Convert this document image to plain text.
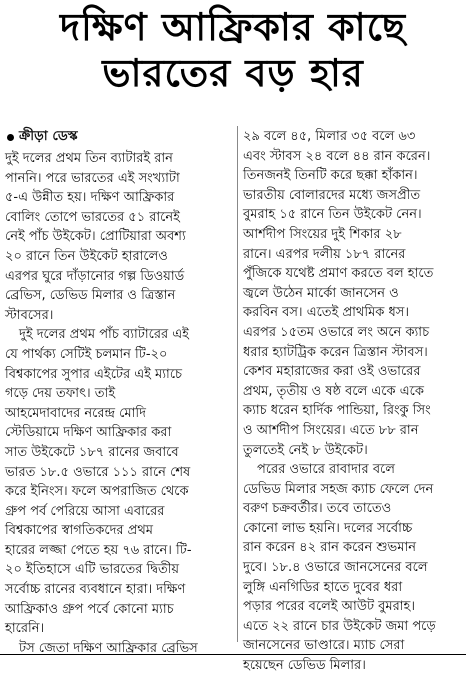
দক্ষিণ আফ্রিকার কাছে
ভারতের বড় হার
ক্রীড়া ডেস্ক
দুই দলের প্রথম তিন ব্যাটারই রান
পাননি। পরে ভারতের এই সংখ্যাটা
৫-এ উন্নীত হয়। দক্ষিণ আফ্রিকার
বোলিং তোপে ভারতের ৫১ রানেই
নেই পাঁচ উইকেট। প্রোটিয়ারা অবশ্য
২০ রানে তিন উইকেট হারালেও
এরপর ঘুরে দাঁড়ানোর গল্প ডিওয়ার্ড
ব্রেভিস, ডেভিড মিলার ও ত্রিস্তান
স্টাবসের।
দুই দলের প্রথম পাঁচ ব্যাটারের এই
যে পার্থক্য সেটিই চলমান টি-২০
বিশ্বকাপের সুপার এইটের এই ম্যাচে
গড়ে দেয় তফাৎ। তাই
আহমেদাবাদের নরেন্দ্র মোদি
স্টেডিয়ামে দক্ষিণ আফ্রিকার করা
সাত উইকেটে ১৮৭ রানের জবাবে
ভারত ১৮.৫ ওভারে ১১১ রানে শেষ
করে ইনিংস। ফলে অপরাজিত থেকে
গ্রুপ পর্ব পেরিয়ে আসা এবারের
বিশ্বকাপের স্বাগতিকদের প্রথম
হারের লজ্জা পেতে হয় ৭৬ রানে। টি-
২০ ইতিহাসে এটি ভারতের দ্বিতীয়
সর্বোচ্চ রানের ব্যবধানে হারা। দক্ষিণ
আফ্রিকাও গ্রুপ পর্বে কোনো ম্যাচ
হারেনি।
টস জেতা দক্ষিণ আফ্রিকার ব্রেভিস
২৯ বলে ৪৫, মিলার ৩৫ বলে ৬৩
এবং স্টাবস ২৪ বলে ৪৪ রান করেন।
তিনজনই তিনটি করে ছক্কা হাঁকান।
ভারতীয় বোলারদের মধ্যে জসপ্রীত
বুমরাহ ১৫ রানে তিন উইকেট নেন।
আর্শদীপ সিংয়ের দুই শিকার ২৮
রানে। এরপর দলীয় ১৮৭ রানের
পুঁজিকে যথেষ্ট প্রমাণ করতে বল হাতে
জ্বলে উঠেন মার্কো জানসেন ও
করবিন বস। এতেই প্রাথমিক ধস।
এরপর ১৫তম ওভারে লং অনে ক্যাচ
ধরার হ্যাটট্রিক করেন ত্রিস্তান স্টাবস।
কেশব মহারাজের করা ওই ওভারের
প্রথম, তৃতীয় ও ষষ্ঠ বলে একে একে
ক্যাচ ধরেন হার্দিক পান্ডিয়া, রিংকু সিং
ও আর্শদীপ সিংয়ের। এতে ৮৮ রান
তুলতেই নেই ৮ উইকেট।
পরের ওভারে রাবাদার বলে
ডেভিড মিলার সহজ ক্যাচ ফেলে দেন
বরুণ চক্রবর্তীর। তবে তাতেও
কোনো লাভ হয়নি। দলের সর্বোচ্চ
রান করেন ৪২ রান করেন শুভমান
দুবে। ১৮.৪ ওভারে জানসেনের বলে
লুঙ্গি এনগিডির হাতে দুবের ধরা
পড়ার পরের বলেই আউট বুমরাহ।
এতে ২২ রানে চার উইকেট জমা পড়ে
জানসেনের ভাণ্ডারে। ম্যাচ সেরা
হয়েছেন ডেভিড মিলার।
